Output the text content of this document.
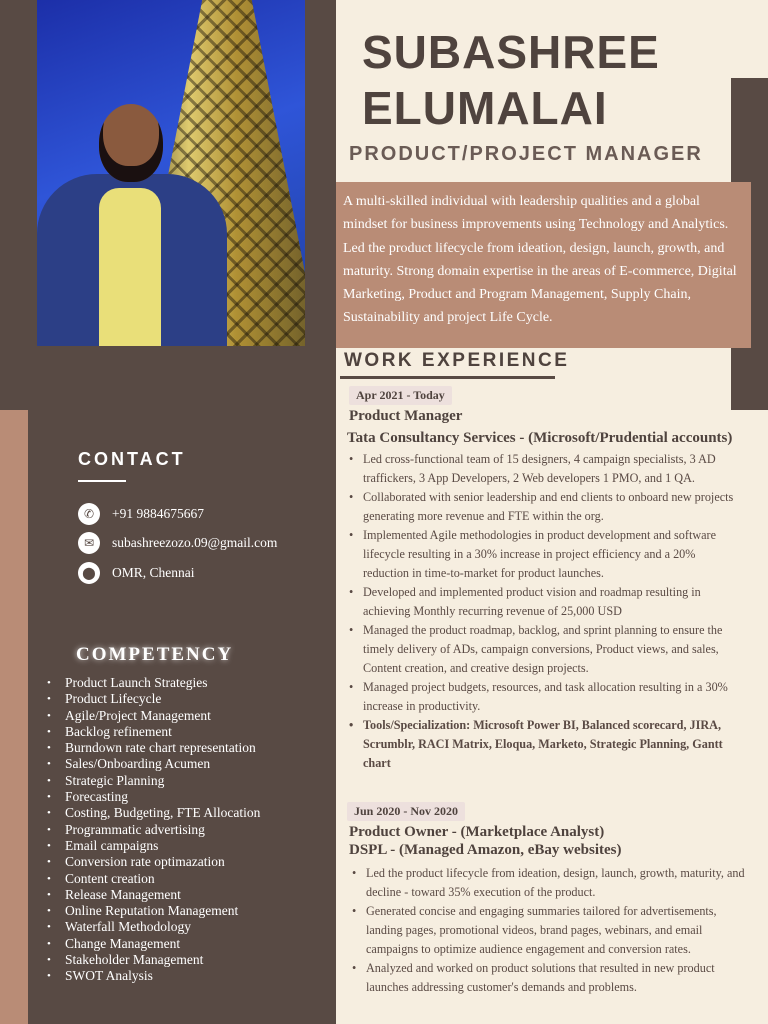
SUBASHREE
ELUMALAI
PRODUCT/PROJECT MANAGER
A multi-skilled individual with leadership qualities and a global mindset for business improvements using Technology and Analytics. Led the product lifecycle from ideation, design, launch, growth, and maturity. Strong domain expertise in the areas of E-commerce, Digital Marketing, Product and Program Management, Supply Chain, Sustainability and project Life Cycle.
WORK EXPERIENCE
Apr 2021 - Today
Product Manager
Tata Consultancy Services - (Microsoft/Prudential accounts)
• Led cross-functional team of 15 designers, 4 campaign specialists, 3 AD traffickers, 3 App Developers, 2 Web developers 1 PMO, and 1 QA.
• Collaborated with senior leadership and end clients to onboard new projects generating more revenue and FTE within the org.
• Implemented Agile methodologies in product development and software lifecycle resulting in a 30% increase in project efficiency and a 20% reduction in time-to-market for product launches.
• Developed and implemented product vision and roadmap resulting in achieving Monthly recurring revenue of 25,000 USD
• Managed the product roadmap, backlog, and sprint planning to ensure the timely delivery of ADs, campaign conversions, Product views, and sales, Content creation, and creative design projects.
• Managed project budgets, resources, and task allocation resulting in a 30% increase in productivity.
• Tools/Specialization: Microsoft Power BI, Balanced scorecard, JIRA, Scrumblr, RACI Matrix, Eloqua, Marketo, Strategic Planning, Gantt chart
Jun 2020 - Nov 2020
Product Owner - (Marketplace Analyst)
DSPL - (Managed Amazon, eBay websites)
• Led the product lifecycle from ideation, design, launch, growth, maturity, and decline - toward 35% execution of the product.
• Generated concise and engaging summaries tailored for advertisements, landing pages, promotional videos, brand pages, webinars, and email campaigns to optimize audience engagement and conversion rates.
• Analyzed and worked on product solutions that resulted in new product launches addressing customer's demands and problems.
CONTACT
✆	+91 9884675667
✉	subashreezozo.09@gmail.com
⬤	OMR, Chennai
COMPETENCY
• Product Launch Strategies
• Product Lifecycle
• Agile/Project Management
• Backlog refinement
• Burndown rate chart representation
• Sales/Onboarding Acumen
• Strategic Planning
• Forecasting
• Costing, Budgeting, FTE Allocation
• Programmatic advertising
• Email campaigns
• Conversion rate optimazation
• Content creation
• Release Management
• Online Reputation Management
• Waterfall Methodology
• Change Management
• Stakeholder Management
• SWOT Analysis
